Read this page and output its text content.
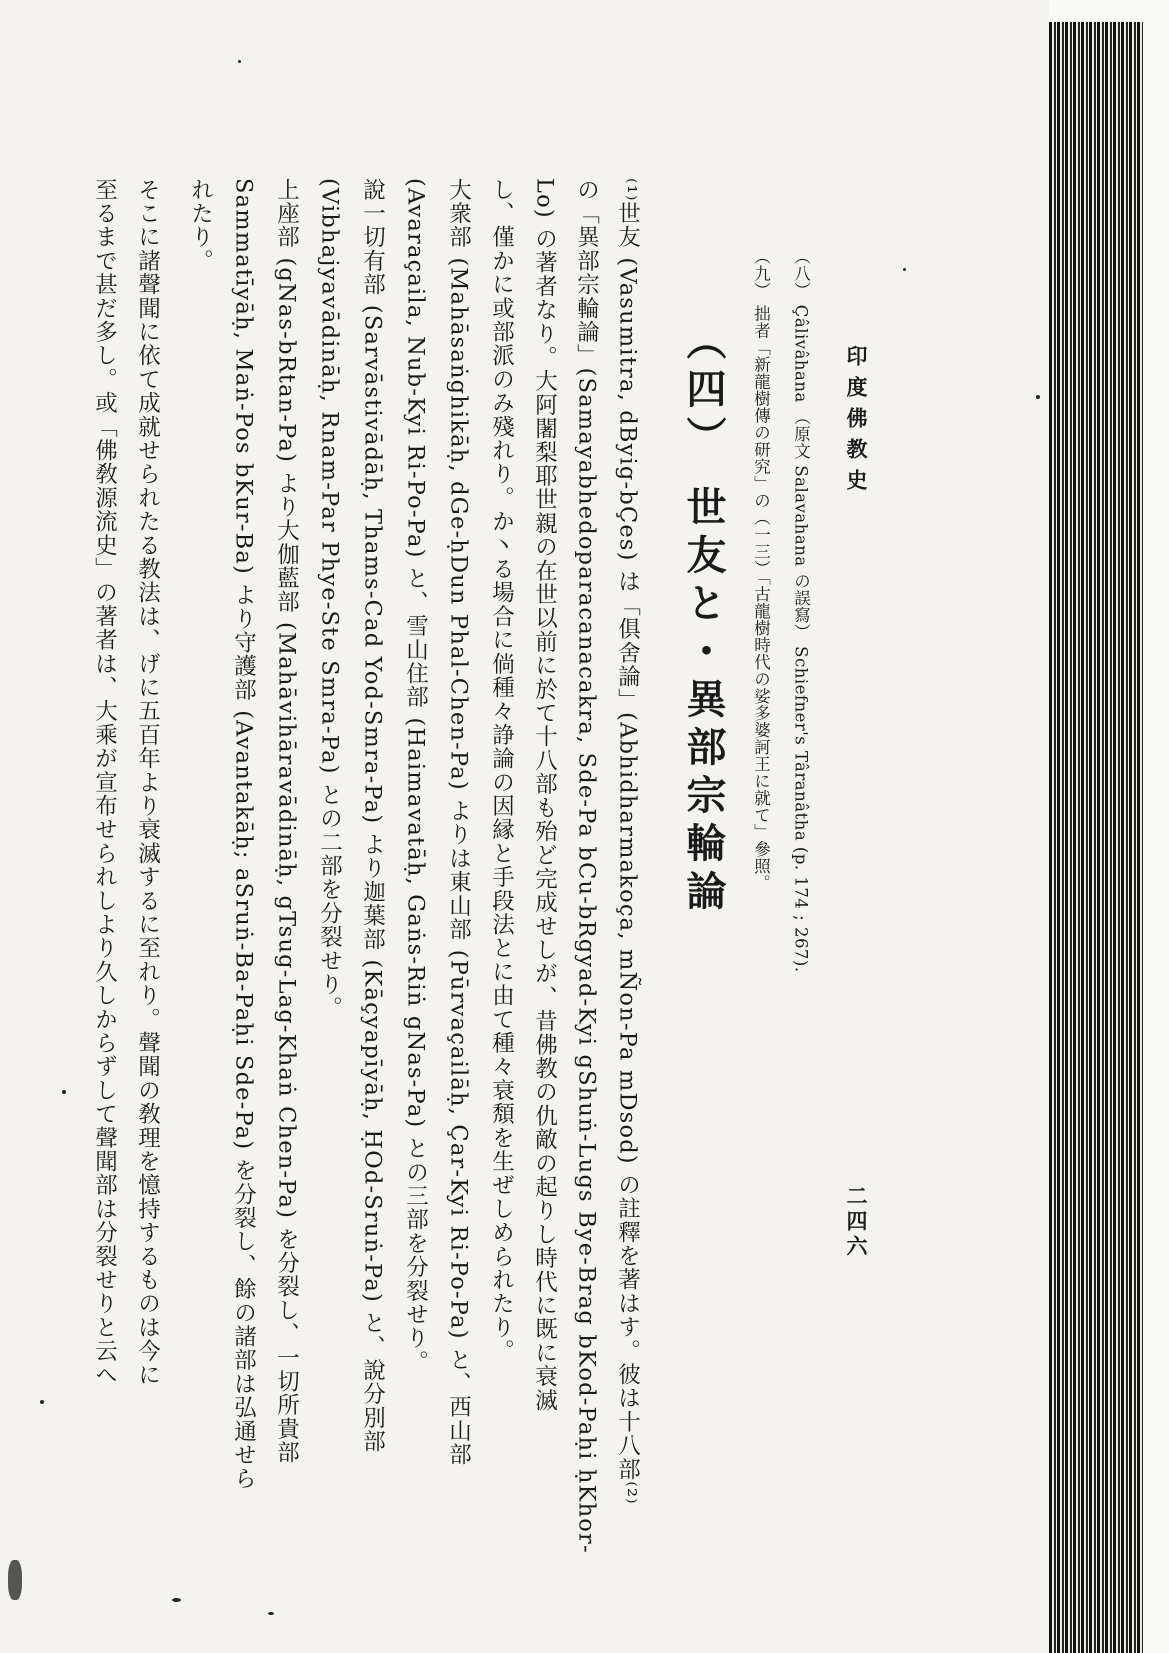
印度佛教史
二四六
（八） Çâlivâhana （原文 Salavahana の誤寫） Schiefner's Târanâtha (p. 174 ; 267).
（九） 拙者「新龍樹傳の研究」の（一三）「古龍樹時代の娑多婆訶王に就て」參照。
（四） 世友と・異部宗輪論
⁽¹⁾世友 (Vasumitra, dByig-bÇes) は「俱舍論」(Abhidharmakoça, mÑon-Pa mDsod) の註釋を著はす。彼は十八部⁽²⁾
の「異部宗輪論」(Samayabhedoparacanacakra, Sde-Pa bCu-bRgyad-Kyi gShuṅ-Lugs Bye-Brag bKod-Paḥi ḥKhor-
Lo) の著者なり。大阿闍梨耶世親の在世以前に於て十八部も殆ど完成せしが、昔佛教の仇敵の起りし時代に既に衰滅
し、僅かに或部派のみ殘れり。か丶る場合に倘種々諍論の因縁と手段法とに由て種々衰頽を生ぜしめられたり。
大衆部 (Mahāsaṅghikāḥ, dGe-ḥDun Phal-Chen-Pa) よりは東山部 (Pūrvaçailāḥ, Çar-Kyi Ri-Po-Pa) と、西山部
(Avaraçaila, Nub-Kyi Ri-Po-Pa) と、雪山住部 (Haimavatāḥ, Gaṅs-Riṅ gNas-Pa) との三部を分裂せり。
說一切有部 (Sarvāstivādāḥ, Thams-Cad Yod-Smra-Pa) より迦葉部 (Kāçyapīyāḥ, ḤOd-Sruṅ-Pa) と、說分別部
(Vibhajyavādināḥ, Rnam-Par Phye-Ste Smra-Pa) との二部を分裂せり。
上座部 (gNas-bRtan-Pa) より大伽藍部 (Mahāvihāravādināḥ, gTsug-Lag-Khaṅ Chen-Pa) を分裂し、一切所貴部
Sammatīyāḥ, Maṅ-Pos bKur-Ba) より守護部 (Avantakāḥ; aSruṅ-Ba-Paḥi Sde-Pa) を分裂し、餘の諸部は弘通せら
れたり。
そこに諸聲聞に依て成就せられたる教法は、げに五百年より衰滅するに至れり。聲聞の敎理を憶持するものは今に
至るまで甚だ多し。或「佛敎源流史」の著者は、大乘が宣布せられしより久しからずして聲聞部は分裂せりと云へ
